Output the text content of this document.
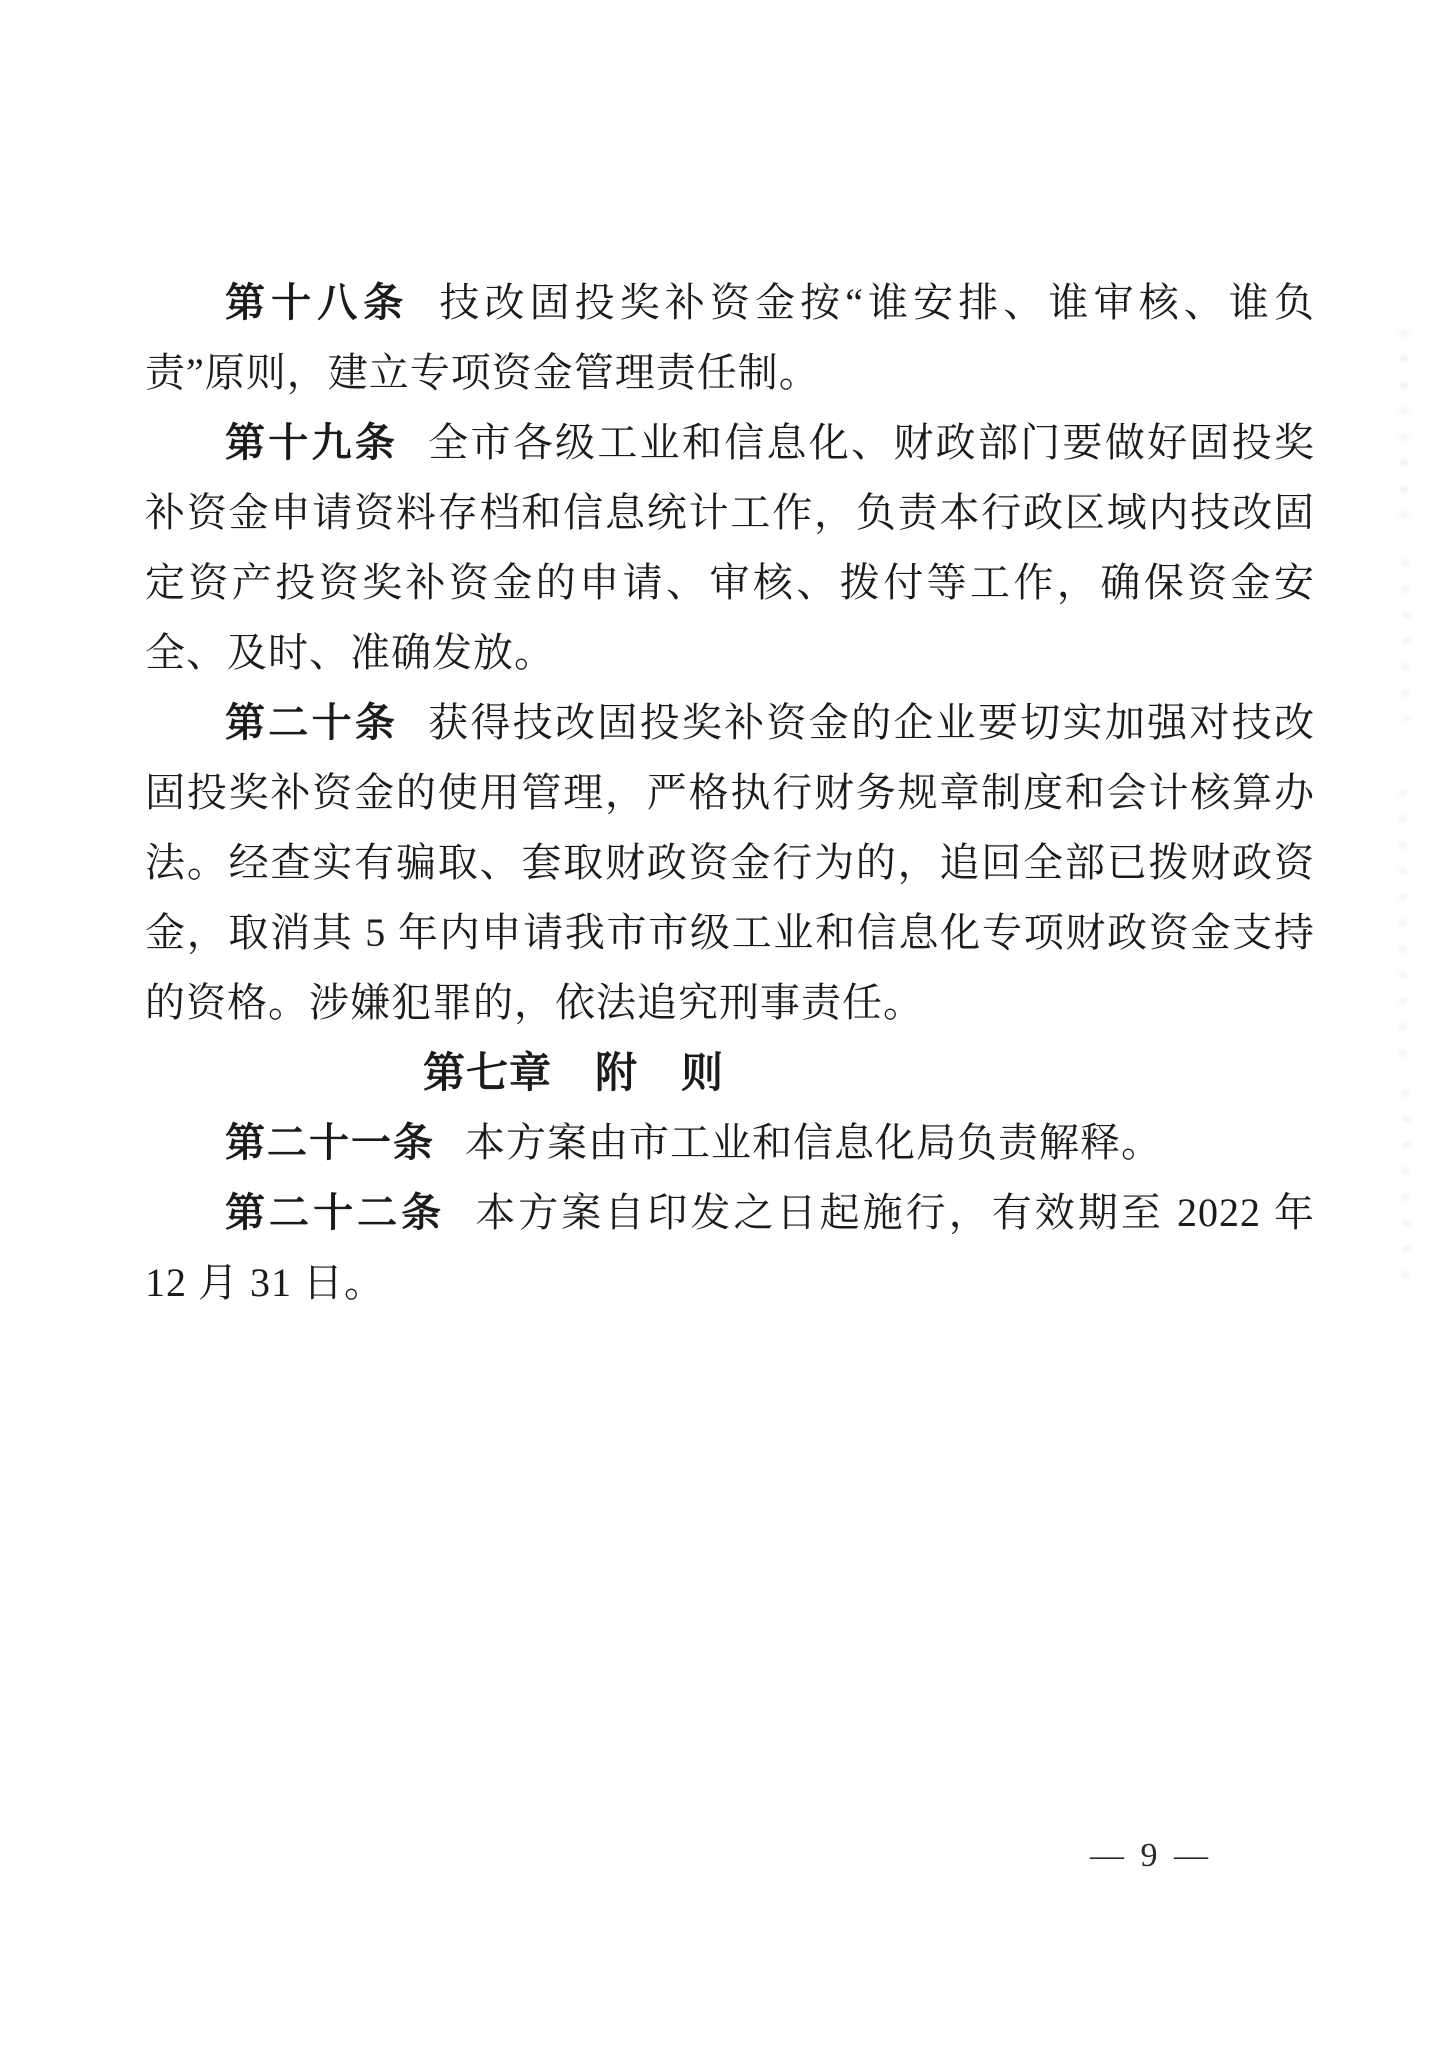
第十八条 技改固投奖补资金按“谁安排、谁审核、谁负责”原则，建立专项资金管理责任制。

第十九条 全市各级工业和信息化、财政部门要做好固投奖补资金申请资料存档和信息统计工作，负责本行政区域内技改固定资产投资奖补资金的申请、审核、拨付等工作，确保资金安全、及时、准确发放。

第二十条 获得技改固投奖补资金的企业要切实加强对技改固投奖补资金的使用管理，严格执行财务规章制度和会计核算办法。经查实有骗取、套取财政资金行为的，追回全部已拨财政资金，取消其 5 年内申请我市市级工业和信息化专项财政资金支持的资格。涉嫌犯罪的，依法追究刑事责任。

第七章　附　则

第二十一条 本方案由市工业和信息化局负责解释。

第二十二条 本方案自印发之日起施行，有效期至 2022 年 12 月 31 日。

— 9 —
